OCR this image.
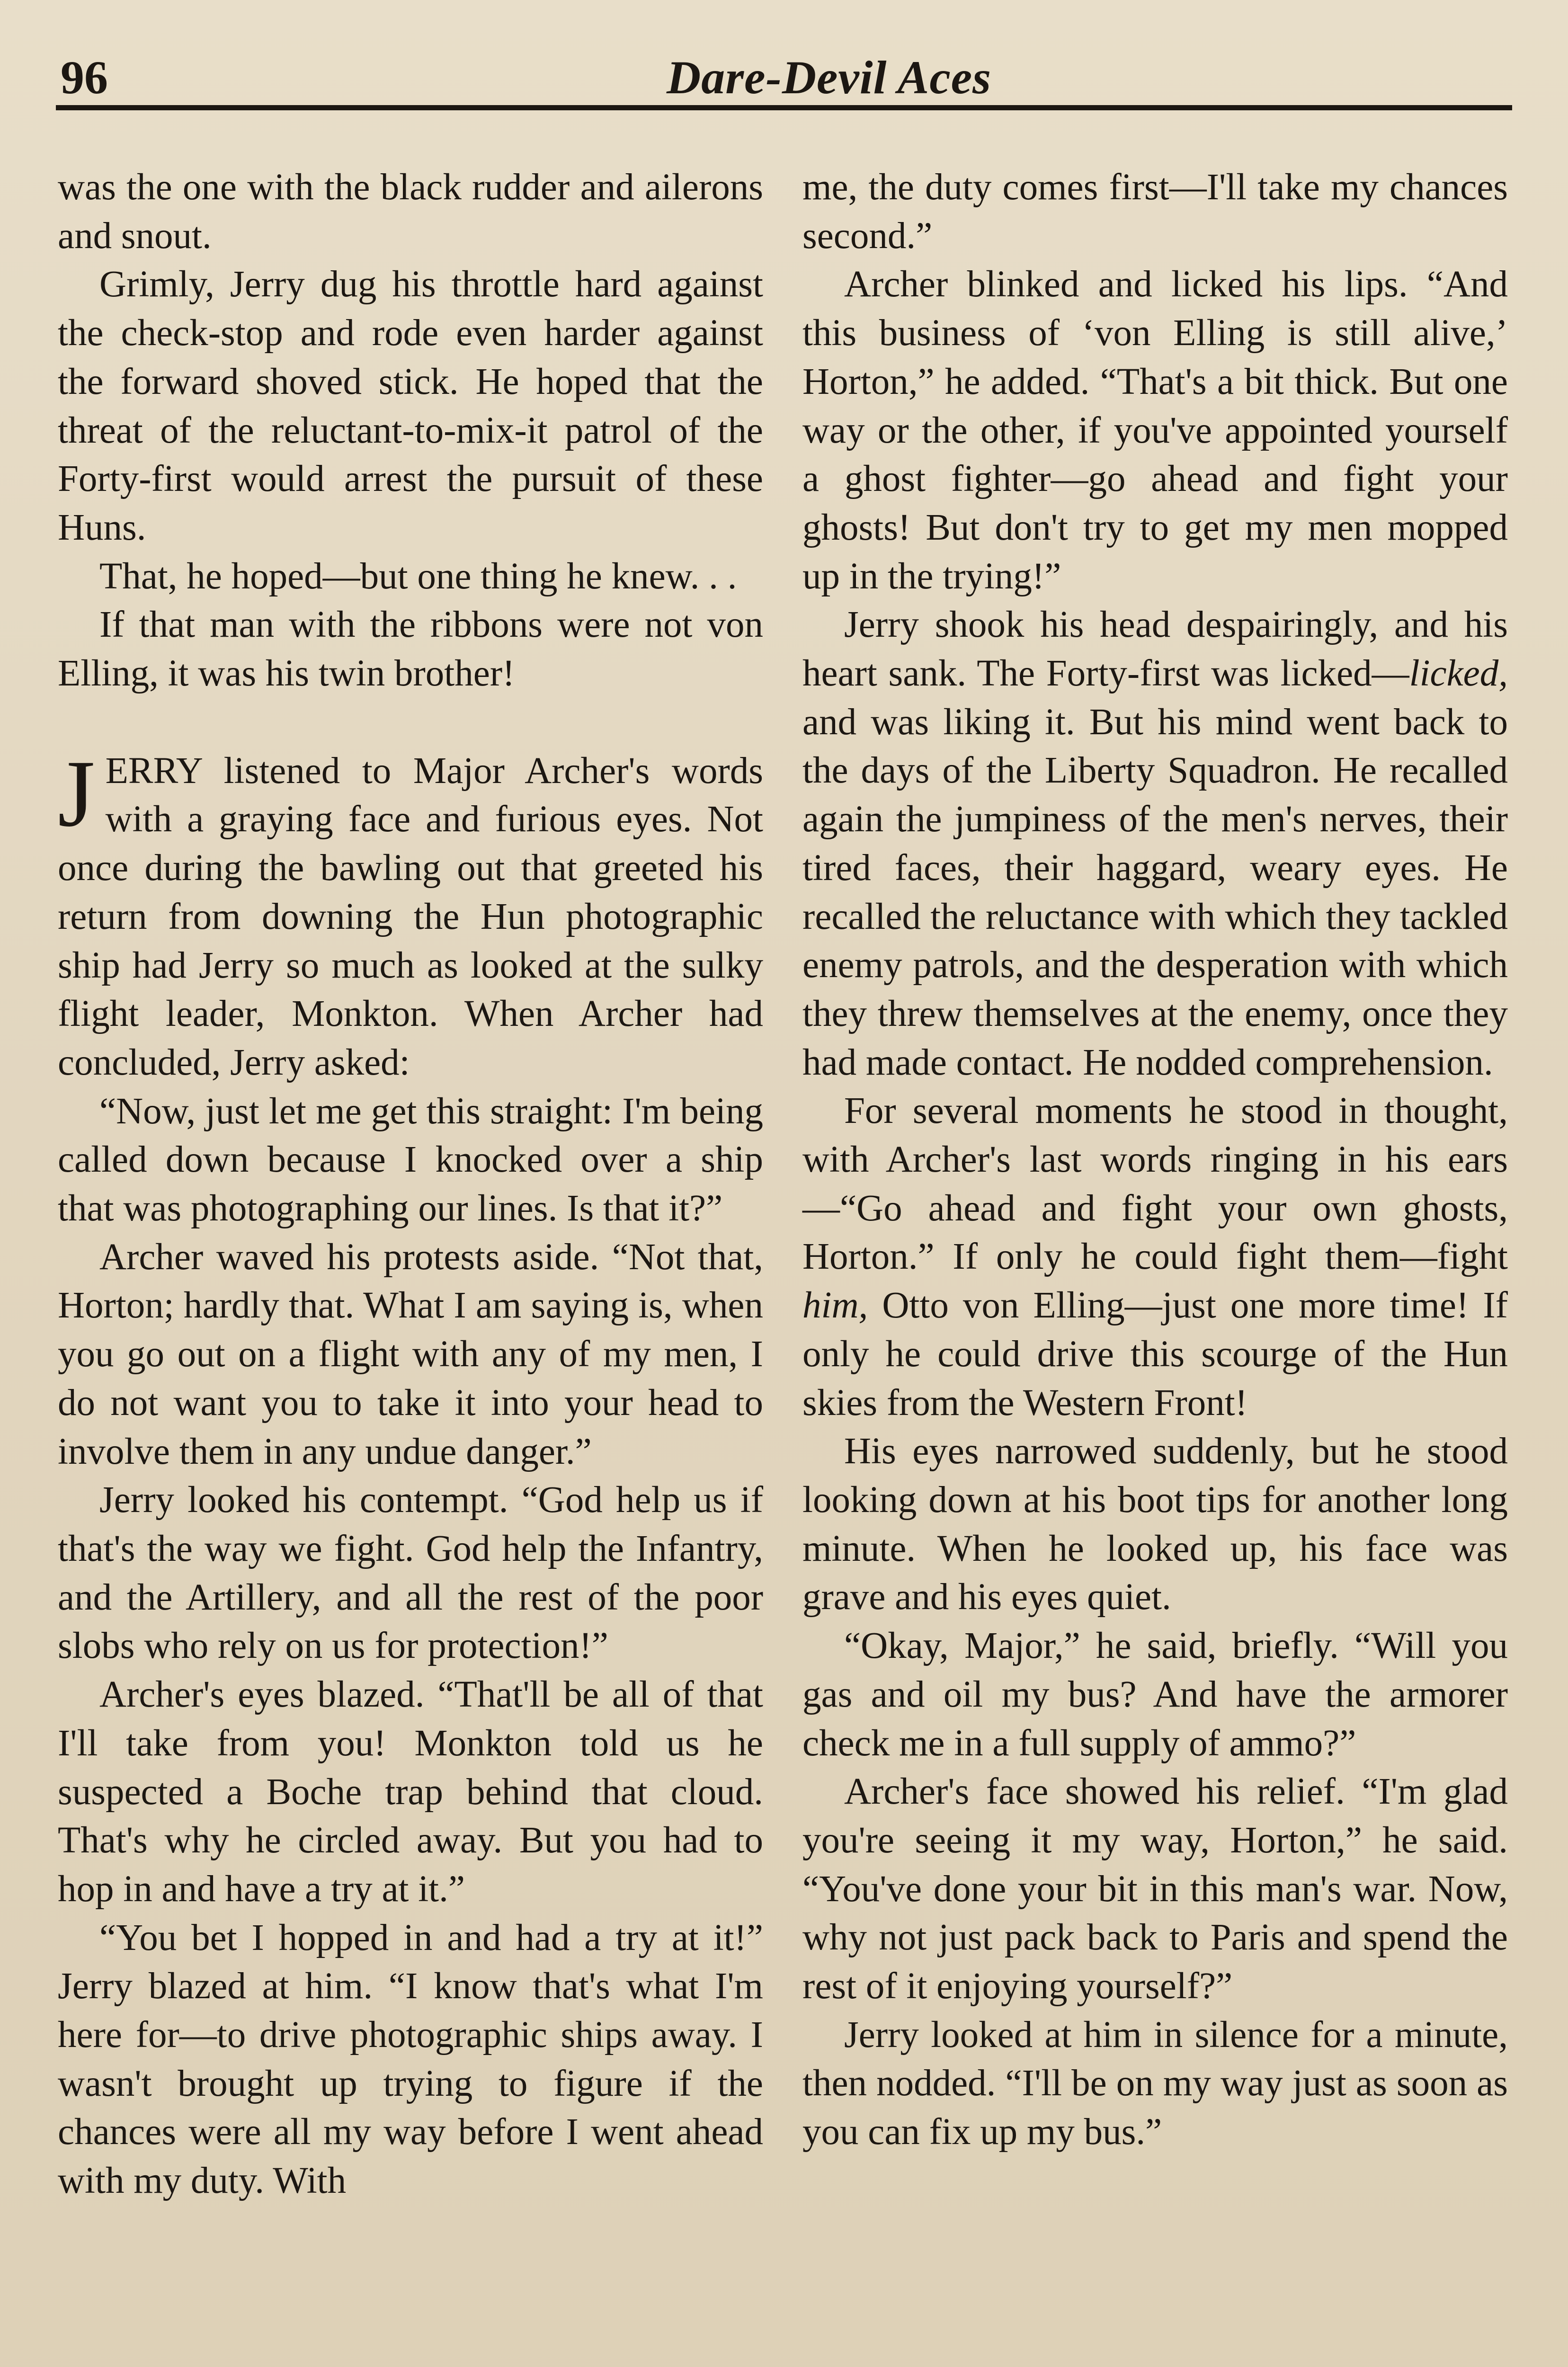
96	Dare-Devil Aces

was the one with the black rudder and ailerons and snout.

Grimly, Jerry dug his throttle hard against the check-stop and rode even harder against the forward shoved stick. He hoped that the threat of the reluctant-to-mix-it patrol of the Forty-first would arrest the pursuit of these Huns.

That, he hoped—but one thing he knew. . .

If that man with the ribbons were not von Elling, it was his twin brother!

JERRY listened to Major Archer's words with a graying face and furious eyes. Not once during the bawling out that greeted his return from downing the Hun photographic ship had Jerry so much as looked at the sulky flight leader, Monkton. When Archer had concluded, Jerry asked:

“Now, just let me get this straight: I'm being called down because I knocked over a ship that was photographing our lines. Is that it?”

Archer waved his protests aside. “Not that, Horton; hardly that. What I am saying is, when you go out on a flight with any of my men, I do not want you to take it into your head to involve them in any undue danger.”

Jerry looked his contempt. “God help us if that's the way we fight. God help the Infantry, and the Artillery, and all the rest of the poor slobs who rely on us for protection!”

Archer's eyes blazed. “That'll be all of that I'll take from you! Monkton told us he suspected a Boche trap behind that cloud. That's why he circled away. But you had to hop in and have a try at it.”

“You bet I hopped in and had a try at it!” Jerry blazed at him. “I know that's what I'm here for—to drive photographic ships away. I wasn't brought up trying to figure if the chances were all my way before I went ahead with my duty. With

me, the duty comes first—I'll take my chances second.”

Archer blinked and licked his lips. “And this business of ‘von Elling is still alive,’ Horton,” he added. “That's a bit thick. But one way or the other, if you've appointed yourself a ghost fighter—go ahead and fight your ghosts! But don't try to get my men mopped up in the trying!”

Jerry shook his head despairingly, and his heart sank. The Forty-first was licked—licked, and was liking it. But his mind went back to the days of the Liberty Squadron. He recalled again the jumpiness of the men's nerves, their tired faces, their haggard, weary eyes. He recalled the reluctance with which they tackled enemy patrols, and the desperation with which they threw themselves at the enemy, once they had made contact. He nodded comprehension.

For several moments he stood in thought, with Archer's last words ringing in his ears—“Go ahead and fight your own ghosts, Horton.” If only he could fight them—fight him, Otto von Elling—just one more time! If only he could drive this scourge of the Hun skies from the Western Front!

His eyes narrowed suddenly, but he stood looking down at his boot tips for another long minute. When he looked up, his face was grave and his eyes quiet.

“Okay, Major,” he said, briefly. “Will you gas and oil my bus? And have the armorer check me in a full supply of ammo?”

Archer's face showed his relief. “I'm glad you're seeing it my way, Horton,” he said. “You've done your bit in this man's war. Now, why not just pack back to Paris and spend the rest of it enjoying yourself?”

Jerry looked at him in silence for a minute, then nodded. “I'll be on my way just as soon as you can fix up my bus.”
